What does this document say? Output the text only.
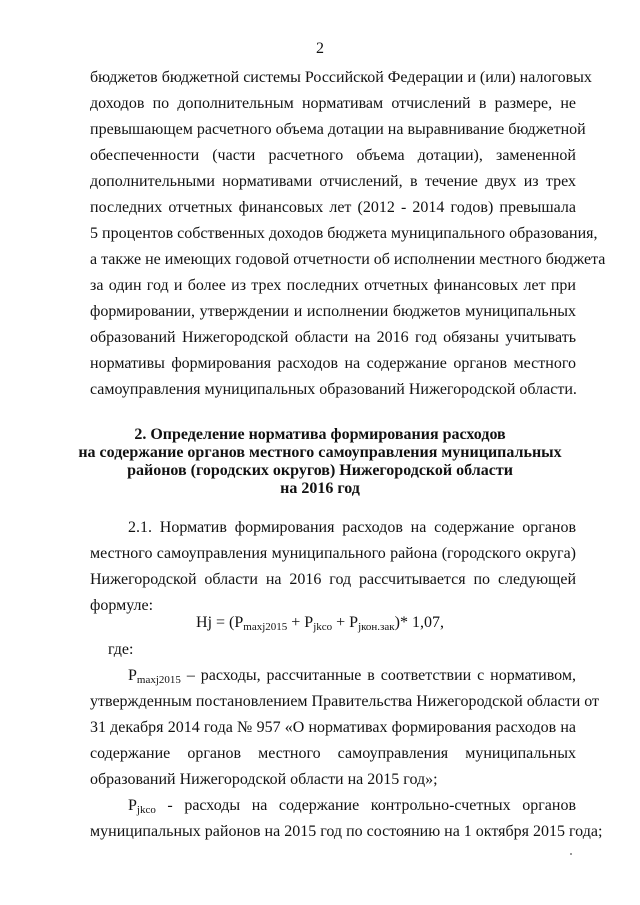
2
бюджетов бюджетной системы Российской Федерации и (или) налоговых
доходов по дополнительным нормативам отчислений в размере, не
превышающем расчетного объема дотации на выравнивание бюджетной
обеспеченности (части расчетного объема дотации), замененной
дополнительными нормативами отчислений, в течение двух из трех
последних отчетных финансовых лет (2012 - 2014 годов) превышала
5 процентов собственных доходов бюджета муниципального образования,
а также не имеющих годовой отчетности об исполнении местного бюджета
за один год и более из трех последних отчетных финансовых лет при
формировании, утверждении и исполнении бюджетов муниципальных
образований Нижегородской области на 2016 год обязаны учитывать
нормативы формирования расходов на содержание органов местного
самоуправления муниципальных образований Нижегородской области.
2. Определение норматива формирования расходов
на содержание органов местного самоуправления муниципальных
районов (городских округов) Нижегородской области
на 2016 год
2.1. Норматив формирования расходов на содержание органов
местного самоуправления муниципального района (городского округа)
Нижегородской области на 2016 год рассчитывается по следующей
формуле:
$Hj = (P_{maxj2015} + P_{jkco} + P_{jкон.зак})*$ 1,07,
где:
$P_{maxj2015}$ – расходы, рассчитанные в соответствии с нормативом,
утвержденным постановлением Правительства Нижегородской области от
31 декабря 2014 года № 957 «О нормативах формирования расходов на
содержание органов местного самоуправления муниципальных
образований Нижегородской области на 2015 год»;
$P_{jkco}$ - расходы на содержание контрольно-счетных органов
муниципальных районов на 2015 год по состоянию на 1 октября 2015 года;
